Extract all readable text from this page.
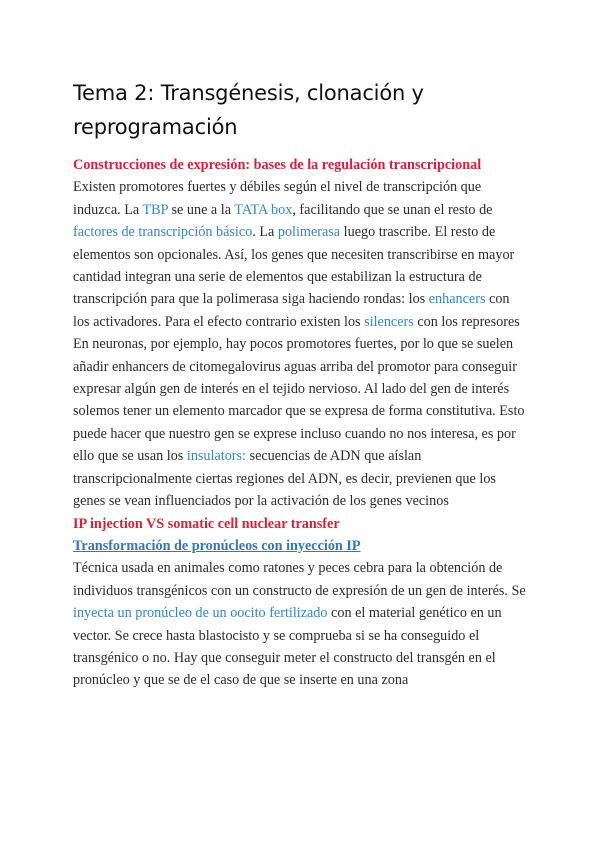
Tema 2: Transgénesis, clonación y reprogramación

Construcciones de expresión: bases de la regulación transcripcional

Existen promotores fuertes y débiles según el nivel de transcripción que induzca. La TBP se une a la TATA box, facilitando que se unan el resto de factores de transcripción básico. La polimerasa luego trascribe. El resto de elementos son opcionales. Así, los genes que necesiten transcribirse en mayor cantidad integran una serie de elementos que estabilizan la estructura de transcripción para que la polimerasa siga haciendo rondas: los enhancers con los activadores. Para el efecto contrario existen los silencers con los represores

En neuronas, por ejemplo, hay pocos promotores fuertes, por lo que se suelen añadir enhancers de citomegalovirus aguas arriba del promotor para conseguir expresar algún gen de interés en el tejido nervioso. Al lado del gen de interés solemos tener un elemento marcador que se expresa de forma constitutiva. Esto puede hacer que nuestro gen se exprese incluso cuando no nos interesa, es por ello que se usan los insulators: secuencias de ADN que aíslan transcripcionalmente ciertas regiones del ADN, es decir, previenen que los genes se vean influenciados por la activación de los genes vecinos

IP injection VS somatic cell nuclear transfer

Transformación de pronúcleos con inyección IP

Técnica usada en animales como ratones y peces cebra para la obtención de individuos transgénicos con un constructo de expresión de un gen de interés. Se inyecta un pronúcleo de un oocito fertilizado con el material genético en un vector. Se crece hasta blastocisto y se comprueba si se ha conseguido el transgénico o no. Hay que conseguir meter el constructo del transgén en el pronúcleo y que se de el caso de que se inserte en una zona
